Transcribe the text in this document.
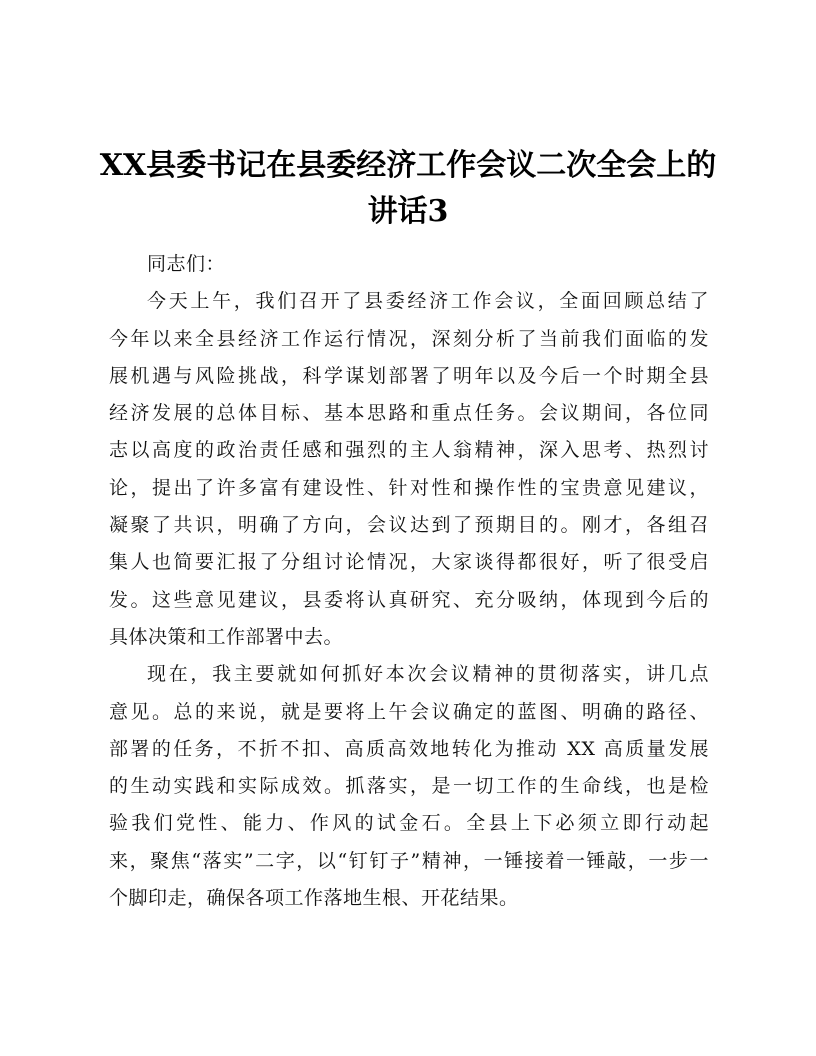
XX县委书记在县委经济工作会议二次全会上的
讲话3
同志们：
今天上午，我们召开了县委经济工作会议，全面回顾总结了
今年以来全县经济工作运行情况，深刻分析了当前我们面临的发
展机遇与风险挑战，科学谋划部署了明年以及今后一个时期全县
经济发展的总体目标、基本思路和重点任务。会议期间，各位同
志以高度的政治责任感和强烈的主人翁精神，深入思考、热烈讨
论，提出了许多富有建设性、针对性和操作性的宝贵意见建议，
凝聚了共识，明确了方向，会议达到了预期目的。刚才，各组召
集人也简要汇报了分组讨论情况，大家谈得都很好，听了很受启
发。这些意见建议，县委将认真研究、充分吸纳，体现到今后的
具体决策和工作部署中去。
现在，我主要就如何抓好本次会议精神的贯彻落实，讲几点
意见。总的来说，就是要将上午会议确定的蓝图、明确的路径、
部署的任务，不折不扣、高质高效地转化为推动 XX 高质量发展
的生动实践和实际成效。抓落实，是一切工作的生命线，也是检
验我们党性、能力、作风的试金石。全县上下必须立即行动起
来，聚焦“落实”二字，以“钉钉子”精神，一锤接着一锤敲，一步一
个脚印走，确保各项工作落地生根、开花结果。
